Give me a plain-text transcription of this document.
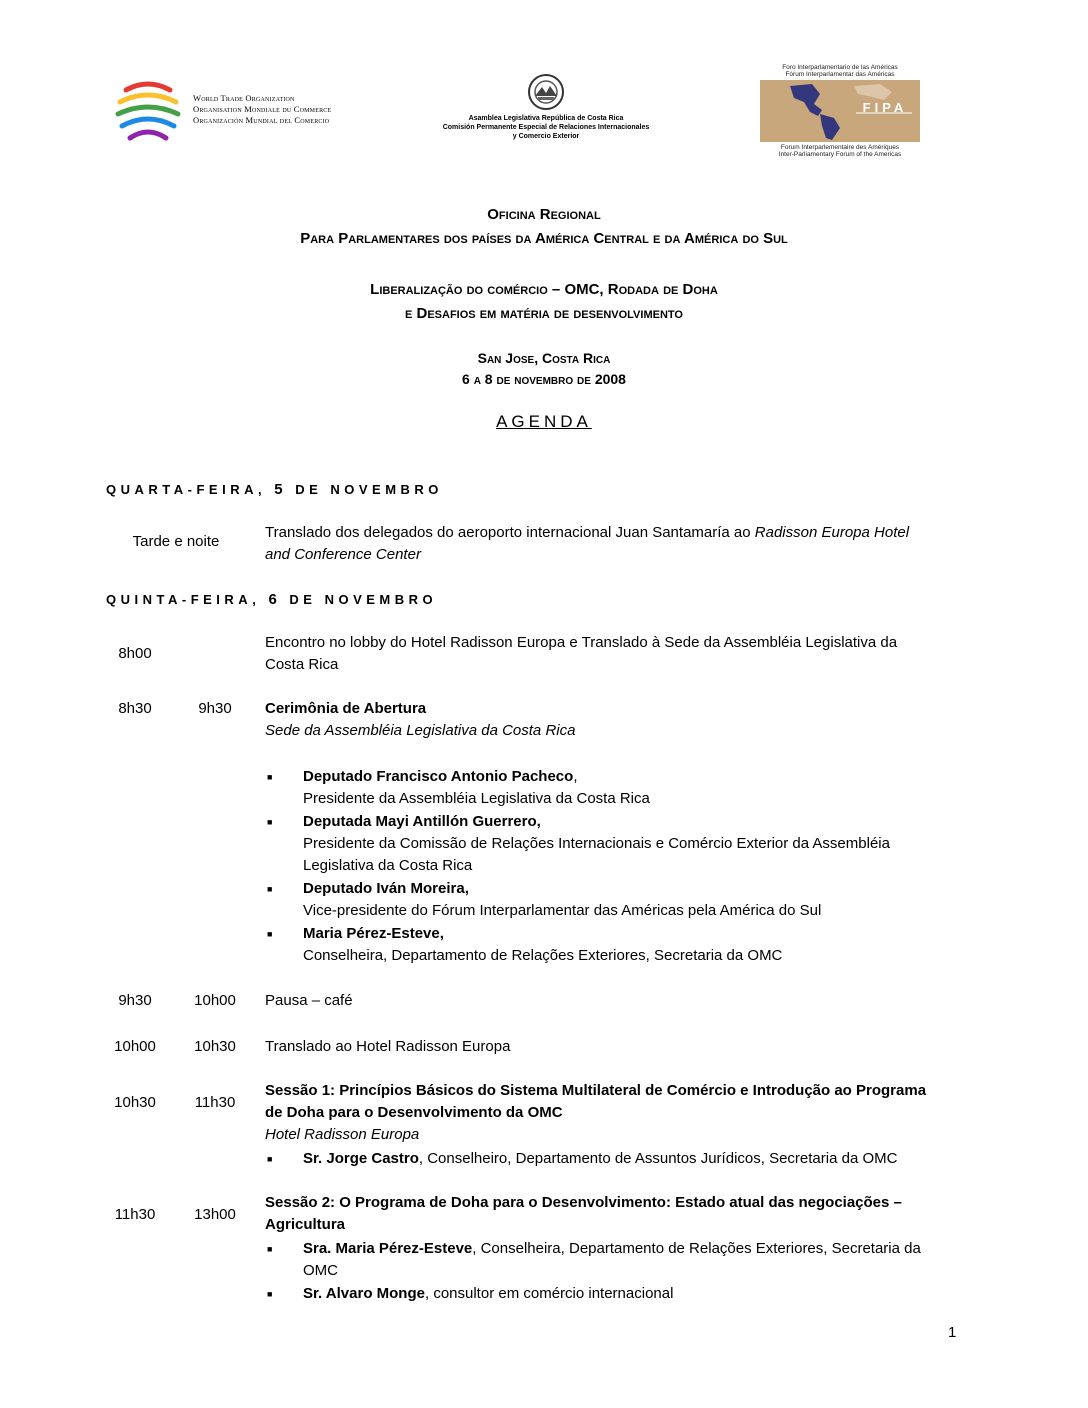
World Trade Organization
Organisation Mondiale du Commerce
Organización Mundial del Comercio	Asamblea Legislativa República de Costa Rica
Comisión Permanente Especial de Relaciones Internacionales
y Comercio Exterior
Foro Interparlamentario de las Américas
Fórum Interparlamentar das Américas
FIPA
Forum Interparlementaire des Amériques
Inter-Parliamentary Forum of the Americas
Oficina Regional
Para Parlamentares dos países da América Central e da América do Sul
Liberalização do comércio – OMC, Rodada de Doha
e Desafios em matéria de desenvolvimento
San Jose, Costa Rica
6 a 8 de novembro de 2008
AGENDA
QUARTA-FEIRA, 5 DE NOVEMBRO
Tarde e noite
Translado dos delegados do aeroporto internacional Juan Santamaría ao Radisson Europa Hotel
and Conference Center
QUINTA-FEIRA, 6 DE NOVEMBRO
8h00
Encontro no lobby do Hotel Radisson Europa e Translado à Sede da Assembléia Legislativa da
Costa Rica
8h30	9h30	Cerimônia de Abertura
Sede da Assembléia Legislativa da Costa Rica
■ Deputado Francisco Antonio Pacheco,
Presidente da Assembléia Legislativa da Costa Rica
■ Deputada Mayi Antillón Guerrero,
Presidente da Comissão de Relações Internacionais e Comércio Exterior da Assembléia
Legislativa da Costa Rica
■ Deputado Iván Moreira,
Vice-presidente do Fórum Interparlamentar das Américas pela América do Sul
■ Maria Pérez-Esteve,
Conselheira, Departamento de Relações Exteriores, Secretaria da OMC
9h30	10h00	Pausa – café
10h00	10h30	Translado ao Hotel Radisson Europa
10h30	11h30
Sessão 1: Princípios Básicos do Sistema Multilateral de Comércio e Introdução ao Programa
de Doha para o Desenvolvimento da OMC
Hotel Radisson Europa
■ Sr. Jorge Castro, Conselheiro, Departamento de Assuntos Jurídicos, Secretaria da OMC
11h30	13h00
Sessão 2: O Programa de Doha para o Desenvolvimento: Estado atual das negociações –
Agricultura
■ Sra. Maria Pérez-Esteve, Conselheira, Departamento de Relações Exteriores, Secretaria da
OMC
■ Sr. Alvaro Monge, consultor em comércio internacional
1
